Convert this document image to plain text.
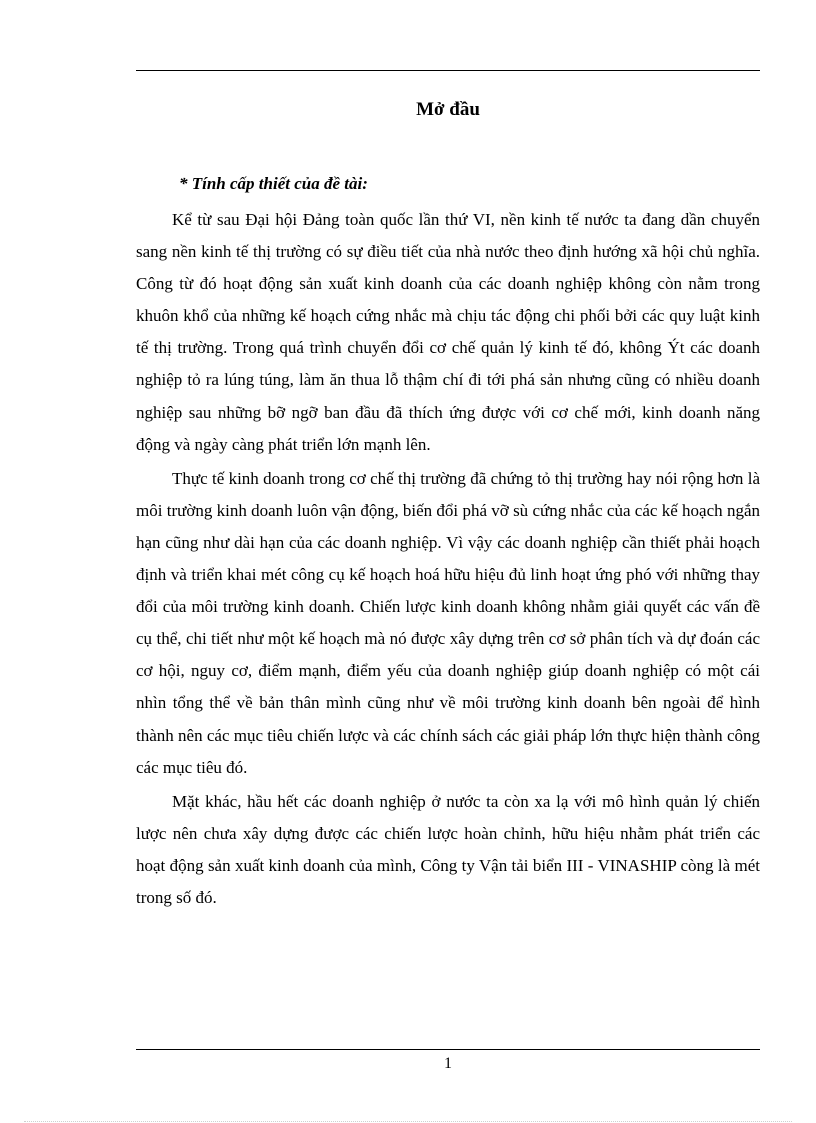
Mở đầu

* Tính cấp thiết của đề tài:

Kể từ sau Đại hội Đảng toàn quốc lần thứ VI, nền kinh tế nước ta đang dần chuyển sang nền kinh tế thị trường có sự điều tiết của nhà nước theo định hướng xã hội chủ nghĩa. Công từ đó hoạt động sản xuất kinh doanh của các doanh nghiệp không còn nằm trong khuôn khổ của những kế hoạch cứng nhắc mà chịu tác động chi phối bởi các quy luật kinh tế thị trường. Trong quá trình chuyển đổi cơ chế quản lý kinh tế đó, không Ýt các doanh nghiệp tỏ ra lúng túng, làm ăn thua lỗ thậm chí đi tới phá sản nhưng cũng có nhiều doanh nghiệp sau những bỡ ngỡ ban đầu đã thích ứng được với cơ chế mới, kinh doanh năng động và ngày càng phát triển lớn mạnh lên.

Thực tế kinh doanh trong cơ chế thị trường đã chứng tỏ thị trường hay nói rộng hơn là môi trường kinh doanh luôn vận động, biến đổi phá vỡ sù cứng nhắc của các kế hoạch ngắn hạn cũng như dài hạn của các doanh nghiệp. Vì vậy các doanh nghiệp cần thiết phải hoạch định và triển khai mét công cụ kế hoạch hoá hữu hiệu đủ linh hoạt ứng phó với những thay đổi của môi trường kinh doanh. Chiến lược kinh doanh không nhằm giải quyết các vấn đề cụ thể, chi tiết như một kế hoạch mà nó được xây dựng trên cơ sở phân tích và dự đoán các cơ hội, nguy cơ, điểm mạnh, điểm yếu của doanh nghiệp giúp doanh nghiệp có một cái nhìn tổng thể về bản thân mình cũng như về môi trường kinh doanh bên ngoài để hình thành nên các mục tiêu chiến lược và các chính sách các giải pháp lớn thực hiện thành công các mục tiêu đó.

Mặt khác, hầu hết các doanh nghiệp ở nước ta còn xa lạ với mô hình quản lý chiến lược nên chưa xây dựng được các chiến lược hoàn chỉnh, hữu hiệu nhằm phát triển các hoạt động sản xuất kinh doanh của mình, Công ty Vận tải biển III - VINASHIP còng là mét trong số đó.

1
